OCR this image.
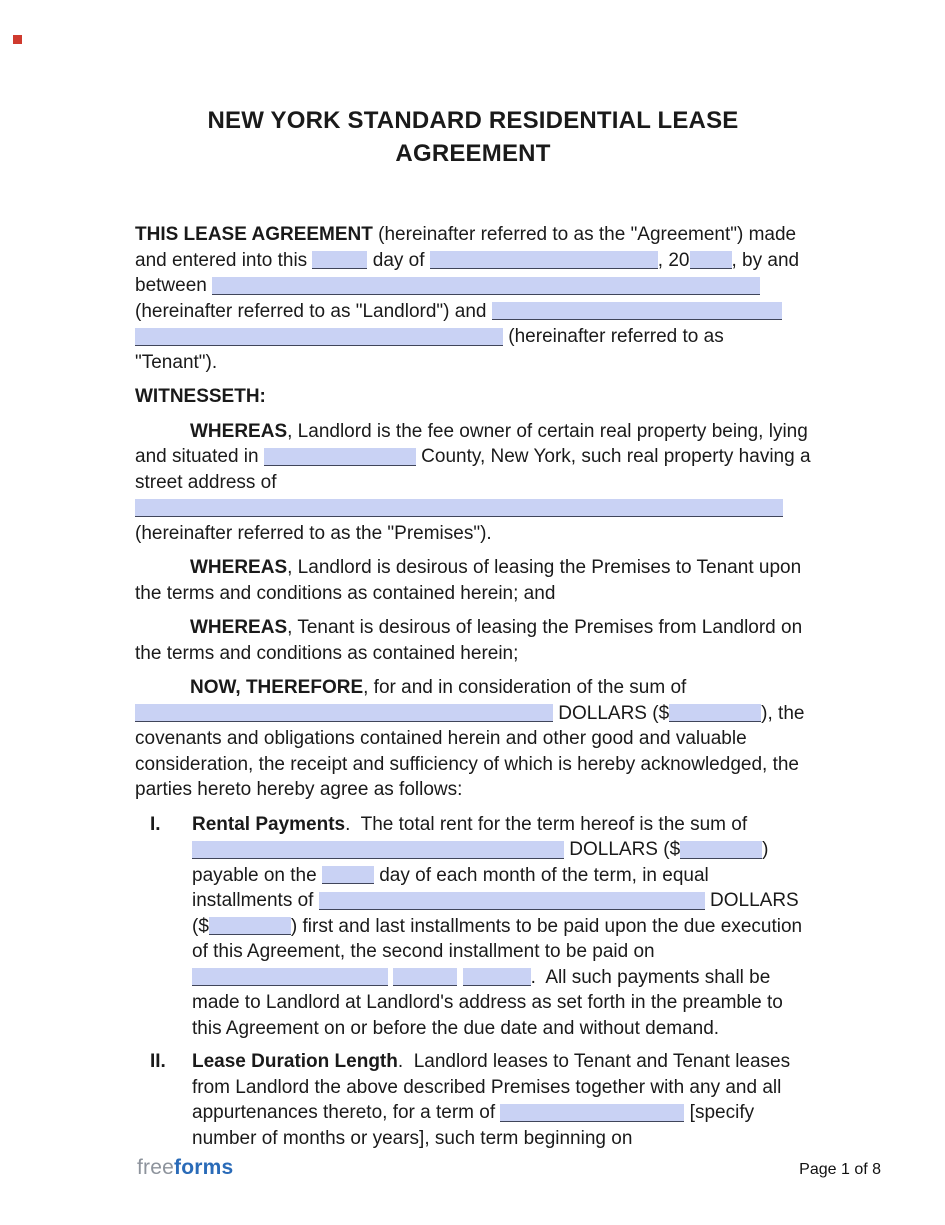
NEW YORK STANDARD RESIDENTIAL LEASE
AGREEMENT

THIS LEASE AGREEMENT (hereinafter referred to as the "Agreement") made and entered into this	day of	, 20 , by and between  (hereinafter referred to as "Landlord") and   (hereinafter referred to as "Tenant").

WITNESSETH:

WHEREAS, Landlord is the fee owner of certain real property being, lying and situated in	County, New York, such real property having a street address of  (hereinafter referred to as the "Premises").

WHEREAS, Landlord is desirous of leasing the Premises to Tenant upon the terms and conditions as contained herein; and

WHEREAS, Tenant is desirous of leasing the Premises from Landlord on the terms and conditions as contained herein;

NOW, THEREFORE, for and in consideration of the sum of  DOLLARS ($	), the covenants and obligations contained herein and other good and valuable consideration, the receipt and sufficiency of which is hereby acknowledged, the parties hereto hereby agree as follows:

I.	Rental Payments.  The total rent for the term hereof is the sum of  DOLLARS ($	) payable on the	day of each month of the term, in equal installments of	DOLLARS ($	) first and last installments to be paid upon the due execution of this Agreement, the second installment to be paid on   .  All such payments shall be made to Landlord at Landlord's address as set forth in the preamble to this Agreement on or before the due date and without demand.
II.	Lease Duration Length.  Landlord leases to Tenant and Tenant leases from Landlord the above described Premises together with any and all appurtenances thereto, for a term of	[specify number of months or years], such term beginning on
freeforms	Page 1 of 8
